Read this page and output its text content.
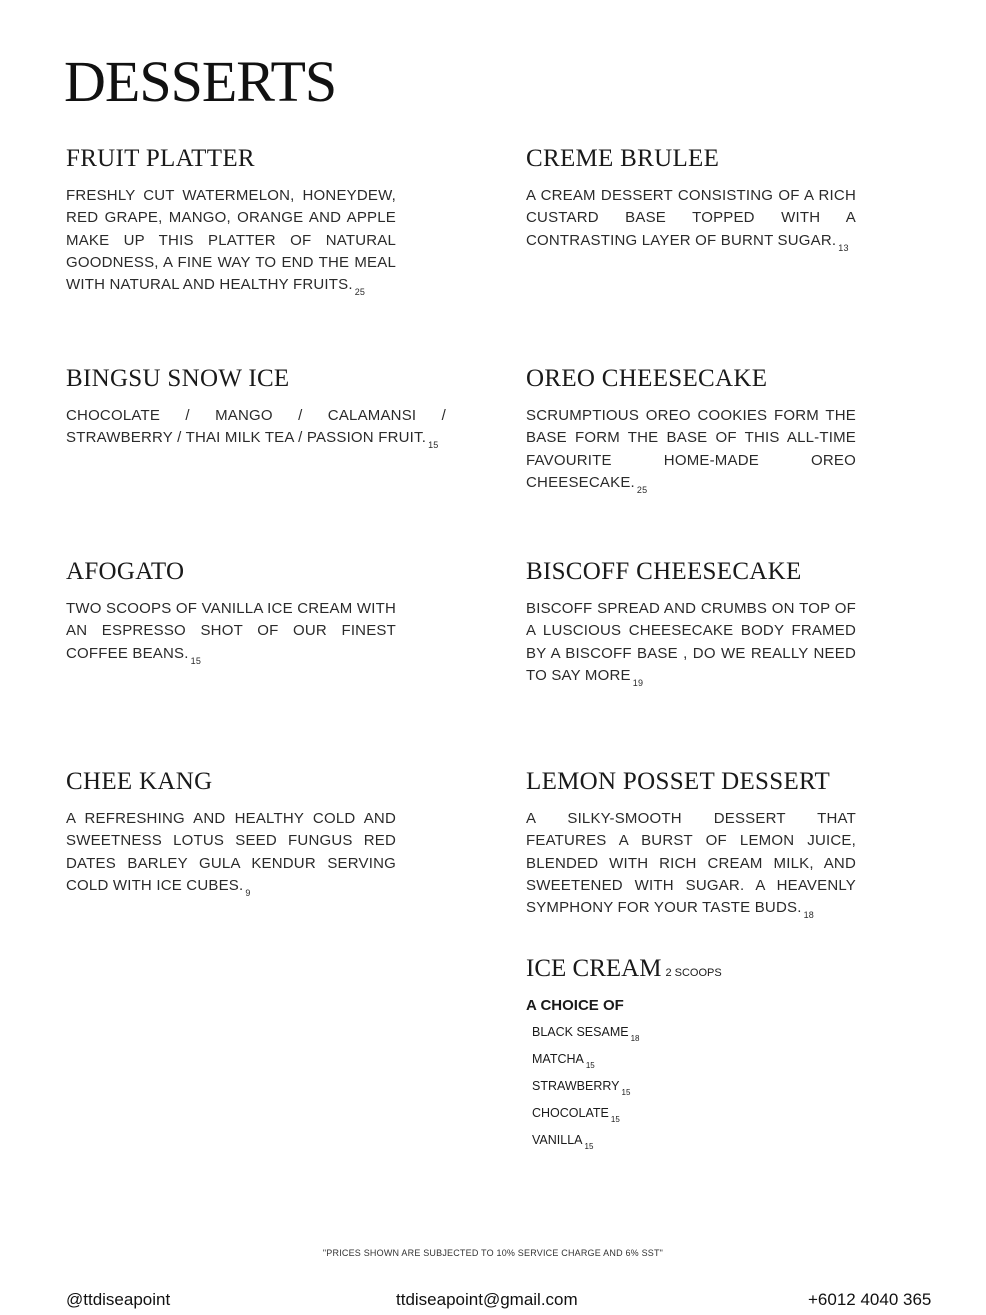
DESSERTS
FRUIT PLATTER

FRESHLY CUT WATERMELON, HONEYDEW, RED GRAPE, MANGO, ORANGE AND APPLE MAKE UP THIS PLATTER OF NATURAL GOODNESS, A FINE WAY TO END THE MEAL WITH NATURAL AND HEALTHY FRUITS. $_{25}$

CREME BRULEE

A CREAM DESSERT CONSISTING OF A RICH CUSTARD BASE TOPPED WITH A CONTRASTING LAYER OF BURNT SUGAR. $_{13}$

BINGSU SNOW ICE

CHOCOLATE / MANGO / CALAMANSI / STRAWBERRY / THAI MILK TEA / PASSION FRUIT. $_{15}$

OREO CHEESECAKE

SCRUMPTIOUS OREO COOKIES FORM THE BASE FORM THE BASE OF THIS ALL-TIME FAVOURITE HOME-MADE OREO CHEESECAKE. $_{25}$

AFOGATO

TWO SCOOPS OF VANILLA ICE CREAM WITH AN ESPRESSO SHOT OF OUR FINEST COFFEE BEANS. $_{15}$

BISCOFF CHEESECAKE

BISCOFF SPREAD AND CRUMBS ON TOP OF A LUSCIOUS CHEESECAKE BODY FRAMED BY A BISCOFF BASE , DO WE REALLY NEED TO SAY MORE $_{19}$

CHEE KANG

A REFRESHING AND HEALTHY COLD AND SWEETNESS LOTUS SEED FUNGUS RED DATES BARLEY GULA KENDUR SERVING COLD WITH ICE CUBES. $_9$

LEMON POSSET DESSERT

A SILKY-SMOOTH DESSERT THAT FEATURES A BURST OF LEMON JUICE, BLENDED WITH RICH CREAM MILK, AND SWEETENED WITH SUGAR. A HEAVENLY SYMPHONY FOR YOUR TASTE BUDS. $_{18}$

ICE CREAM 2 SCOOPS
A CHOICE OF
BLACK SESAME $_{18}$
MATCHA $_{15}$
STRAWBERRY $_{15}$
CHOCOLATE $_{15}$
VANILLA $_{15}$
"PRICES SHOWN ARE SUBJECTED TO 10% SERVICE CHARGE AND 6% SST"
@ttdiseapoint	ttdiseapoint@gmail.com	+6012 4040 365
